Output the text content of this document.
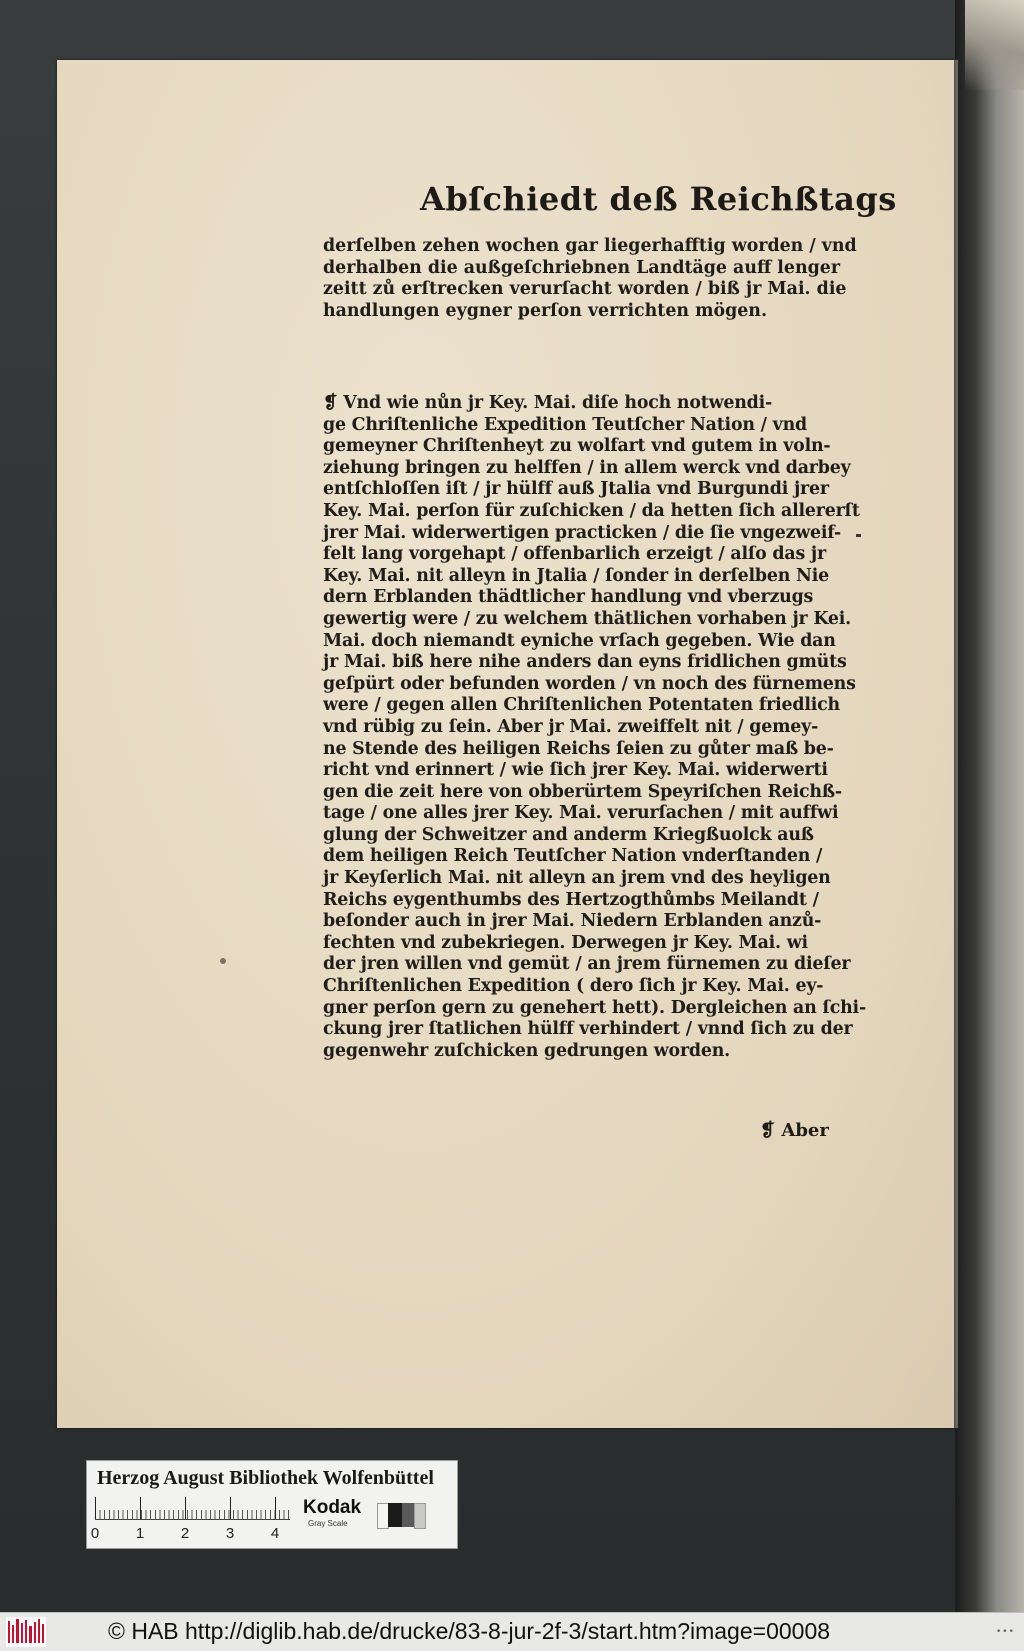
Abſchiedt deß Reichßtags
derſelben zehen wochen gar liegerhafftig worden / vnd
derhalben die außgeſchriebnen Landtäge auff lenger
zeitt zů erſtrecken verurſacht worden / biß jr Mai. die
handlungen eygner perſon verrichten mögen.
❡ Vnd wie nůn jr Key. Mai. diſe hoch notwendi-
ge Chriſtenliche Expedition Teutſcher Nation / vnd
gemeyner Chriſtenheyt zu wolfart vnd gutem in voln-
ziehung bringen zu helffen / in allem werck vnd darbey
entſchloſſen iſt / jr hülff auß Jtalia vnd Burgundi jrer
Key. Mai. perſon für zuſchicken / da hetten ſich allererſt
jrer Mai. widerwertigen practicken / die ſie vngezweif-
felt lang vorgehapt / offenbarlich erzeigt / alſo das jr
Key. Mai. nit alleyn in Jtalia / ſonder in derſelben Nie
dern Erblanden thädtlicher handlung vnd vberzugs
gewertig were / zu welchem thätlichen vorhaben jr Kei.
Mai. doch niemandt eyniche vrſach gegeben. Wie dan
jr Mai. biß here nihe anders dan eyns fridlichen gmüts
geſpürt oder befunden worden / vn noch des fürnemens
were / gegen allen Chriſtenlichen Potentaten friedlich
vnd rübig zu ſein. Aber jr Mai. zweiffelt nit / gemey-
ne Stende des heiligen Reichs ſeien zu gůter maß be-
richt vnd erinnert / wie ſich jrer Key. Mai. widerwerti
gen die zeit here von obberürtem Speyriſchen Reichß-
tage / one alles jrer Key. Mai. verurſachen / mit auffwi
glung der Schweitzer and anderm Kriegßuolck auß
dem heiligen Reich Teutſcher Nation vnderſtanden /
jr Keyſerlich Mai. nit alleyn an jrem vnd des heyligen
Reichs eygenthumbs des Hertzogthůmbs Meilandt /
beſonder auch in jrer Mai. Niedern Erblanden anzů-
fechten vnd zubekriegen. Derwegen jr Key. Mai. wi
der jren willen vnd gemüt / an jrem fürnemen zu dieſer
Chriſtenlichen Expedition ( dero ſich jr Key. Mai. ey-
gner perſon gern zu genehert hett). Dergleichen an ſchi-
ckung jrer ſtatlichen hülff verhindert / vnnd ſich zu der
gegenwehr zuſchicken gedrungen worden.
❡ Aber
Herzog August Bibliothek Wolfenbüttel
0 1 2 3 4
Kodak
Gray Scale
© HAB http://diglib.hab.de/drucke/83-8-jur-2f-3/start.htm?image=00008	•••
